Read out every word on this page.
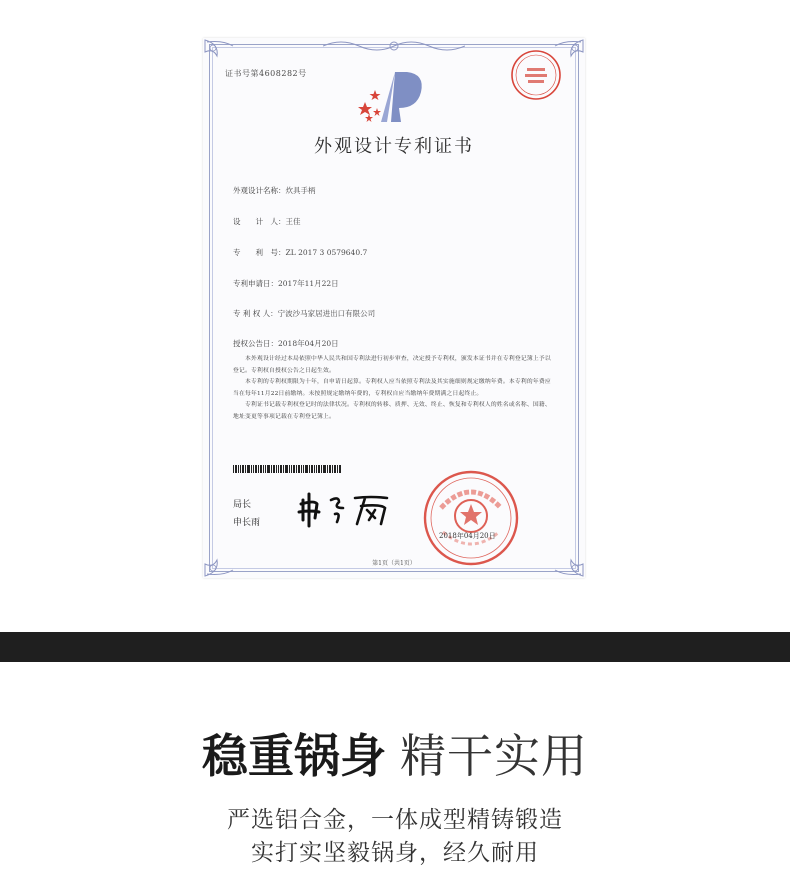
证书号第4608282号
外观设计专利证书
外观设计名称：炊具手柄
设　　计　人：王佳
专　　利　号：ZL 2017 3 0579640.7
专利申请日：2017年11月22日
专 利 权 人：宁波沙马家居进出口有限公司
授权公告日：2018年04月20日

本外观设计经过本局依照中华人民共和国专利法进行初步审查，决定授予专利权，颁发本证书并在专利登记簿上予以登记。专利权自授权公告之日起生效。

本专利的专利权期限为十年，自申请日起算。专利权人应当依照专利法及其实施细则规定缴纳年费。本专利的年费应当在每年11月22日前缴纳。未按照规定缴纳年费的，专利权自应当缴纳年费期满之日起终止。

专利证书记载专利权登记时的法律状况。专利权的转移、质押、无效、终止、恢复和专利权人的姓名或名称、国籍、地址变更等事项记载在专利登记簿上。

局长
申长雨
2018年04月20日
第1页（共1页）
稳重锅身 精干实用
严选铝合金，一体成型精铸锻造
实打实坚毅锅身，经久耐用
